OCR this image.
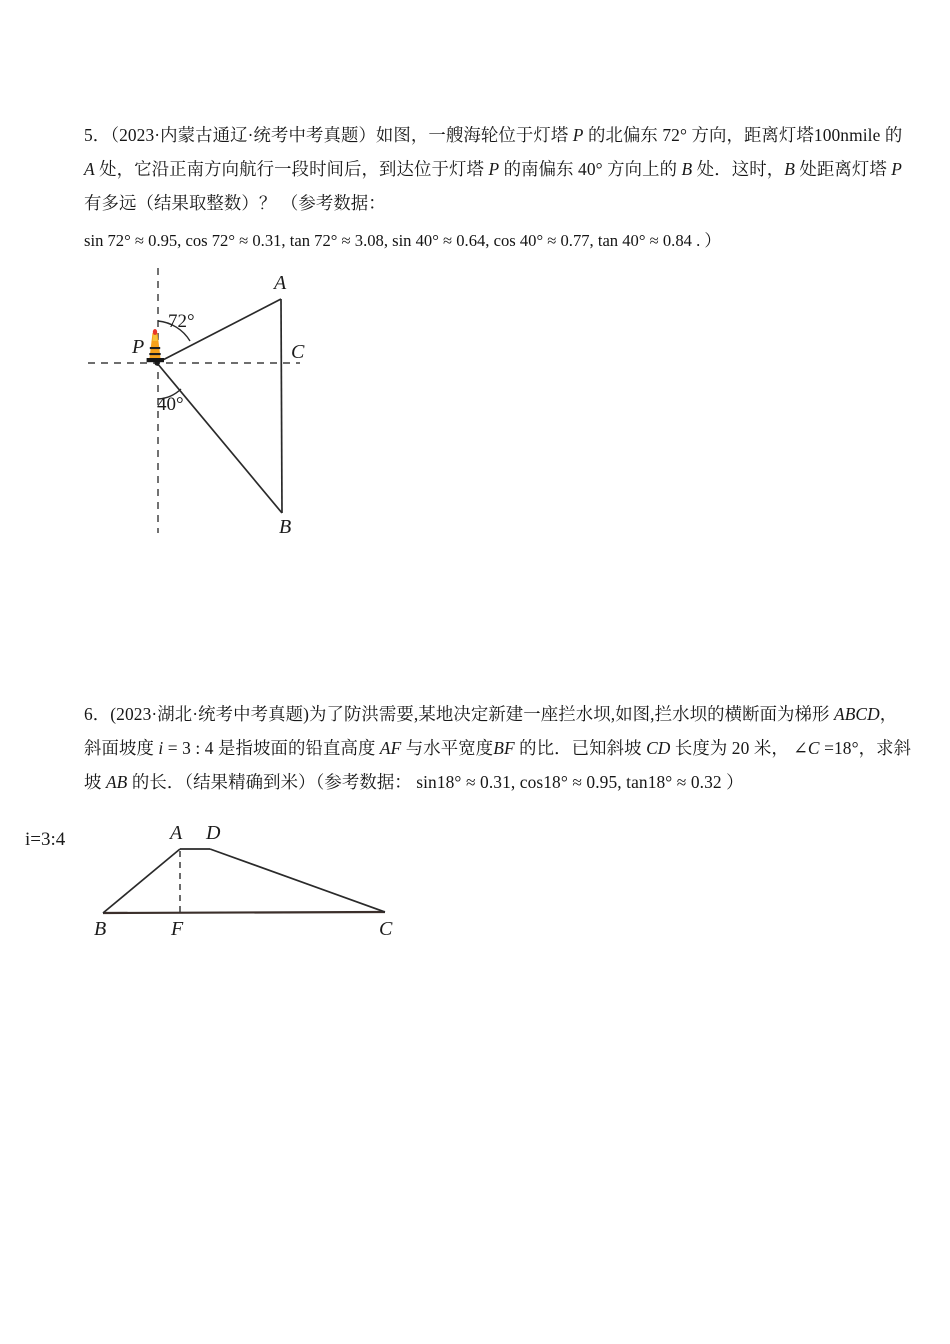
5．（2023·内蒙古通辽·统考中考真题）如图，一艘海轮位于灯塔 P 的北偏东 72° 方向，距离灯塔100nmile 的
A 处，它沿正南方向航行一段时间后，到达位于灯塔 P 的南偏东 40° 方向上的 B 处．这时，B 处距离灯塔 P
有多远（结果取整数）？ （参考数据：
sin 72° ≈ 0.95, cos 72° ≈ 0.31, tan 72° ≈ 3.08, sin 40° ≈ 0.64, cos 40° ≈ 0.77, tan 40° ≈ 0.84 . ）
P
A
C
B
72°
40°
6．(2023·湖北·统考中考真题)为了防洪需要,某地决定新建一座拦水坝,如图,拦水坝的横断面为梯形 ABCD，
斜面坡度 i = 3 : 4 是指坡面的铅直高度 AF 与水平宽度BF 的比．已知斜坡 CD 长度为 20 米， ∠C =18°，求斜
坡 AB 的长．（结果精确到米）（参考数据： sin18° ≈ 0.31, cos18° ≈ 0.95, tan18° ≈ 0.32 ）
i=3:4	A D
B	F	C
